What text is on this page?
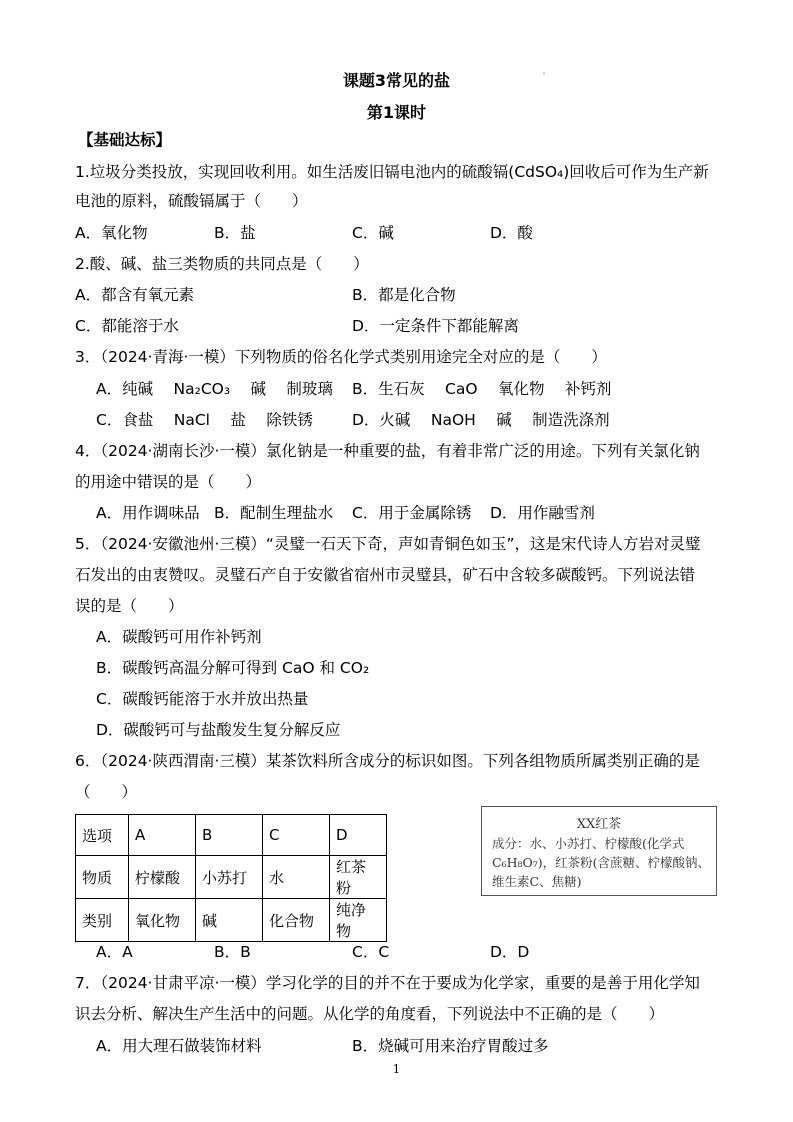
课题3常见的盐
第1课时
【基础达标】
1.垃圾分类投放，实现回收利用。如生活废旧镉电池内的硫酸镉(CdSO₄)回收后可作为生产新
电池的原料，硫酸镉属于（　　）
A．氧化物	B．盐	C．碱	D．酸
2.酸、碱、盐三类物质的共同点是（　　）
A．都含有氧元素	B．都是化合物
C．都能溶于水	D．一定条件下都能解离
3．（2024·青海·一模）下列物质的俗名化学式类别用途完全对应的是（　　）
A．纯碱　 Na₂CO₃　 碱　 制玻璃 B．生石灰　 CaO　 氧化物　 补钙剂
C．食盐　 NaCl　 盐　 除铁锈	D．火碱　 NaOH　 碱　 制造洗涤剂
4．（2024·湖南长沙·一模）氯化钠是一种重要的盐，有着非常广泛的用途。下列有关氯化钠
的用途中错误的是（　　）
A．用作调味品 B．配制生理盐水 C．用于金属除锈 D．用作融雪剂
5．（2024·安徽池州·三模）“灵璧一石天下奇，声如青铜色如玉”，这是宋代诗人方岩对灵璧
石发出的由衷赞叹。灵璧石产自于安徽省宿州市灵璧县，矿石中含较多碳酸钙。下列说法错
误的是（　　）
A．碳酸钙可用作补钙剂
B．碳酸钙高温分解可得到 CaO 和 CO₂
C．碳酸钙能溶于水并放出热量
D．碳酸钙可与盐酸发生复分解反应
6．（2024·陕西渭南·三模）某茶饮料所含成分的标识如图。下列各组物质所属类别正确的是
（　　）
选项	A	B	C	D
物质	柠檬酸	小苏打	水	红茶粉
类别	氧化物	碱	化合物	纯净物
XX红茶
成分：水、小苏打、柠檬酸(化学式C₆H₈O₇)，红茶粉(含蔗糖、柠檬酸钠、维生素C、焦糖)
A．A	B．B	C．C	D．D
7．（2024·甘肃平凉·一模）学习化学的目的并不在于要成为化学家，重要的是善于用化学知
识去分析、解决生产生活中的问题。从化学的角度看，下列说法中不正确的是（　　）
A．用大理石做装饰材料	B．烧碱可用来治疗胃酸过多
1
